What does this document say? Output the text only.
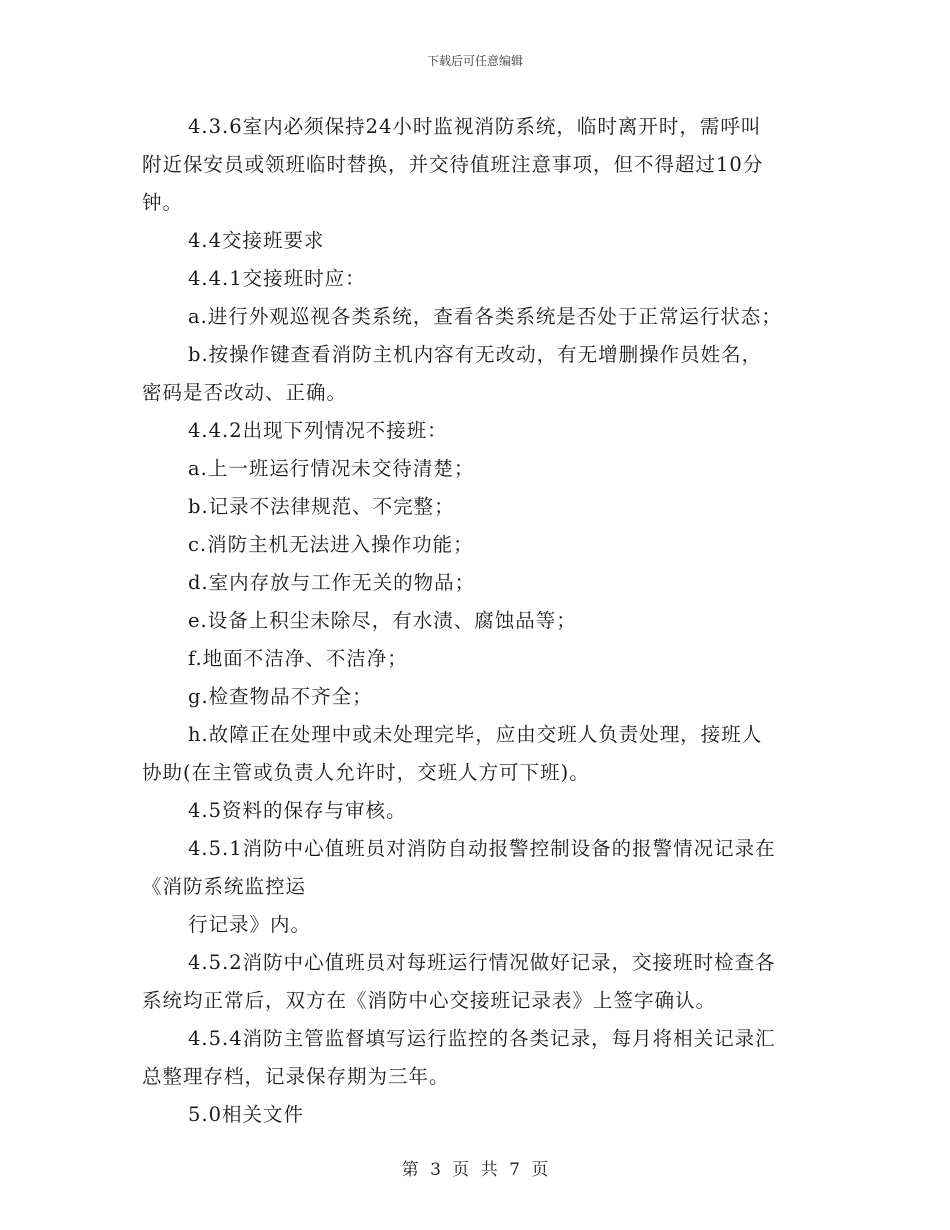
下载后可任意编辑
4.3.6室内必须保持24小时监视消防系统，临时离开时，需呼叫
附近保安员或领班临时替换，并交待值班注意事项，但不得超过10分
钟。
4.4交接班要求
4.4.1交接班时应：
a.进行外观巡视各类系统，查看各类系统是否处于正常运行状态；
b.按操作键查看消防主机内容有无改动，有无增删操作员姓名，
密码是否改动、正确。
4.4.2出现下列情况不接班：
a.上一班运行情况未交待清楚；
b.记录不法律规范、不完整；
c.消防主机无法进入操作功能；
d.室内存放与工作无关的物品；
e.设备上积尘未除尽，有水渍、腐蚀品等；
f.地面不洁净、不洁净；
g.检查物品不齐全；
h.故障正在处理中或未处理完毕，应由交班人负责处理，接班人
协助(在主管或负责人允许时，交班人方可下班)。
4.5资料的保存与审核。
4.5.1消防中心值班员对消防自动报警控制设备的报警情况记录在
《消防系统监控运
行记录》内。
4.5.2消防中心值班员对每班运行情况做好记录，交接班时检查各
系统均正常后，双方在《消防中心交接班记录表》上签字确认。
4.5.4消防主管监督填写运行监控的各类记录，每月将相关记录汇
总整理存档，记录保存期为三年。
5.0相关文件
第 3 页 共 7 页
